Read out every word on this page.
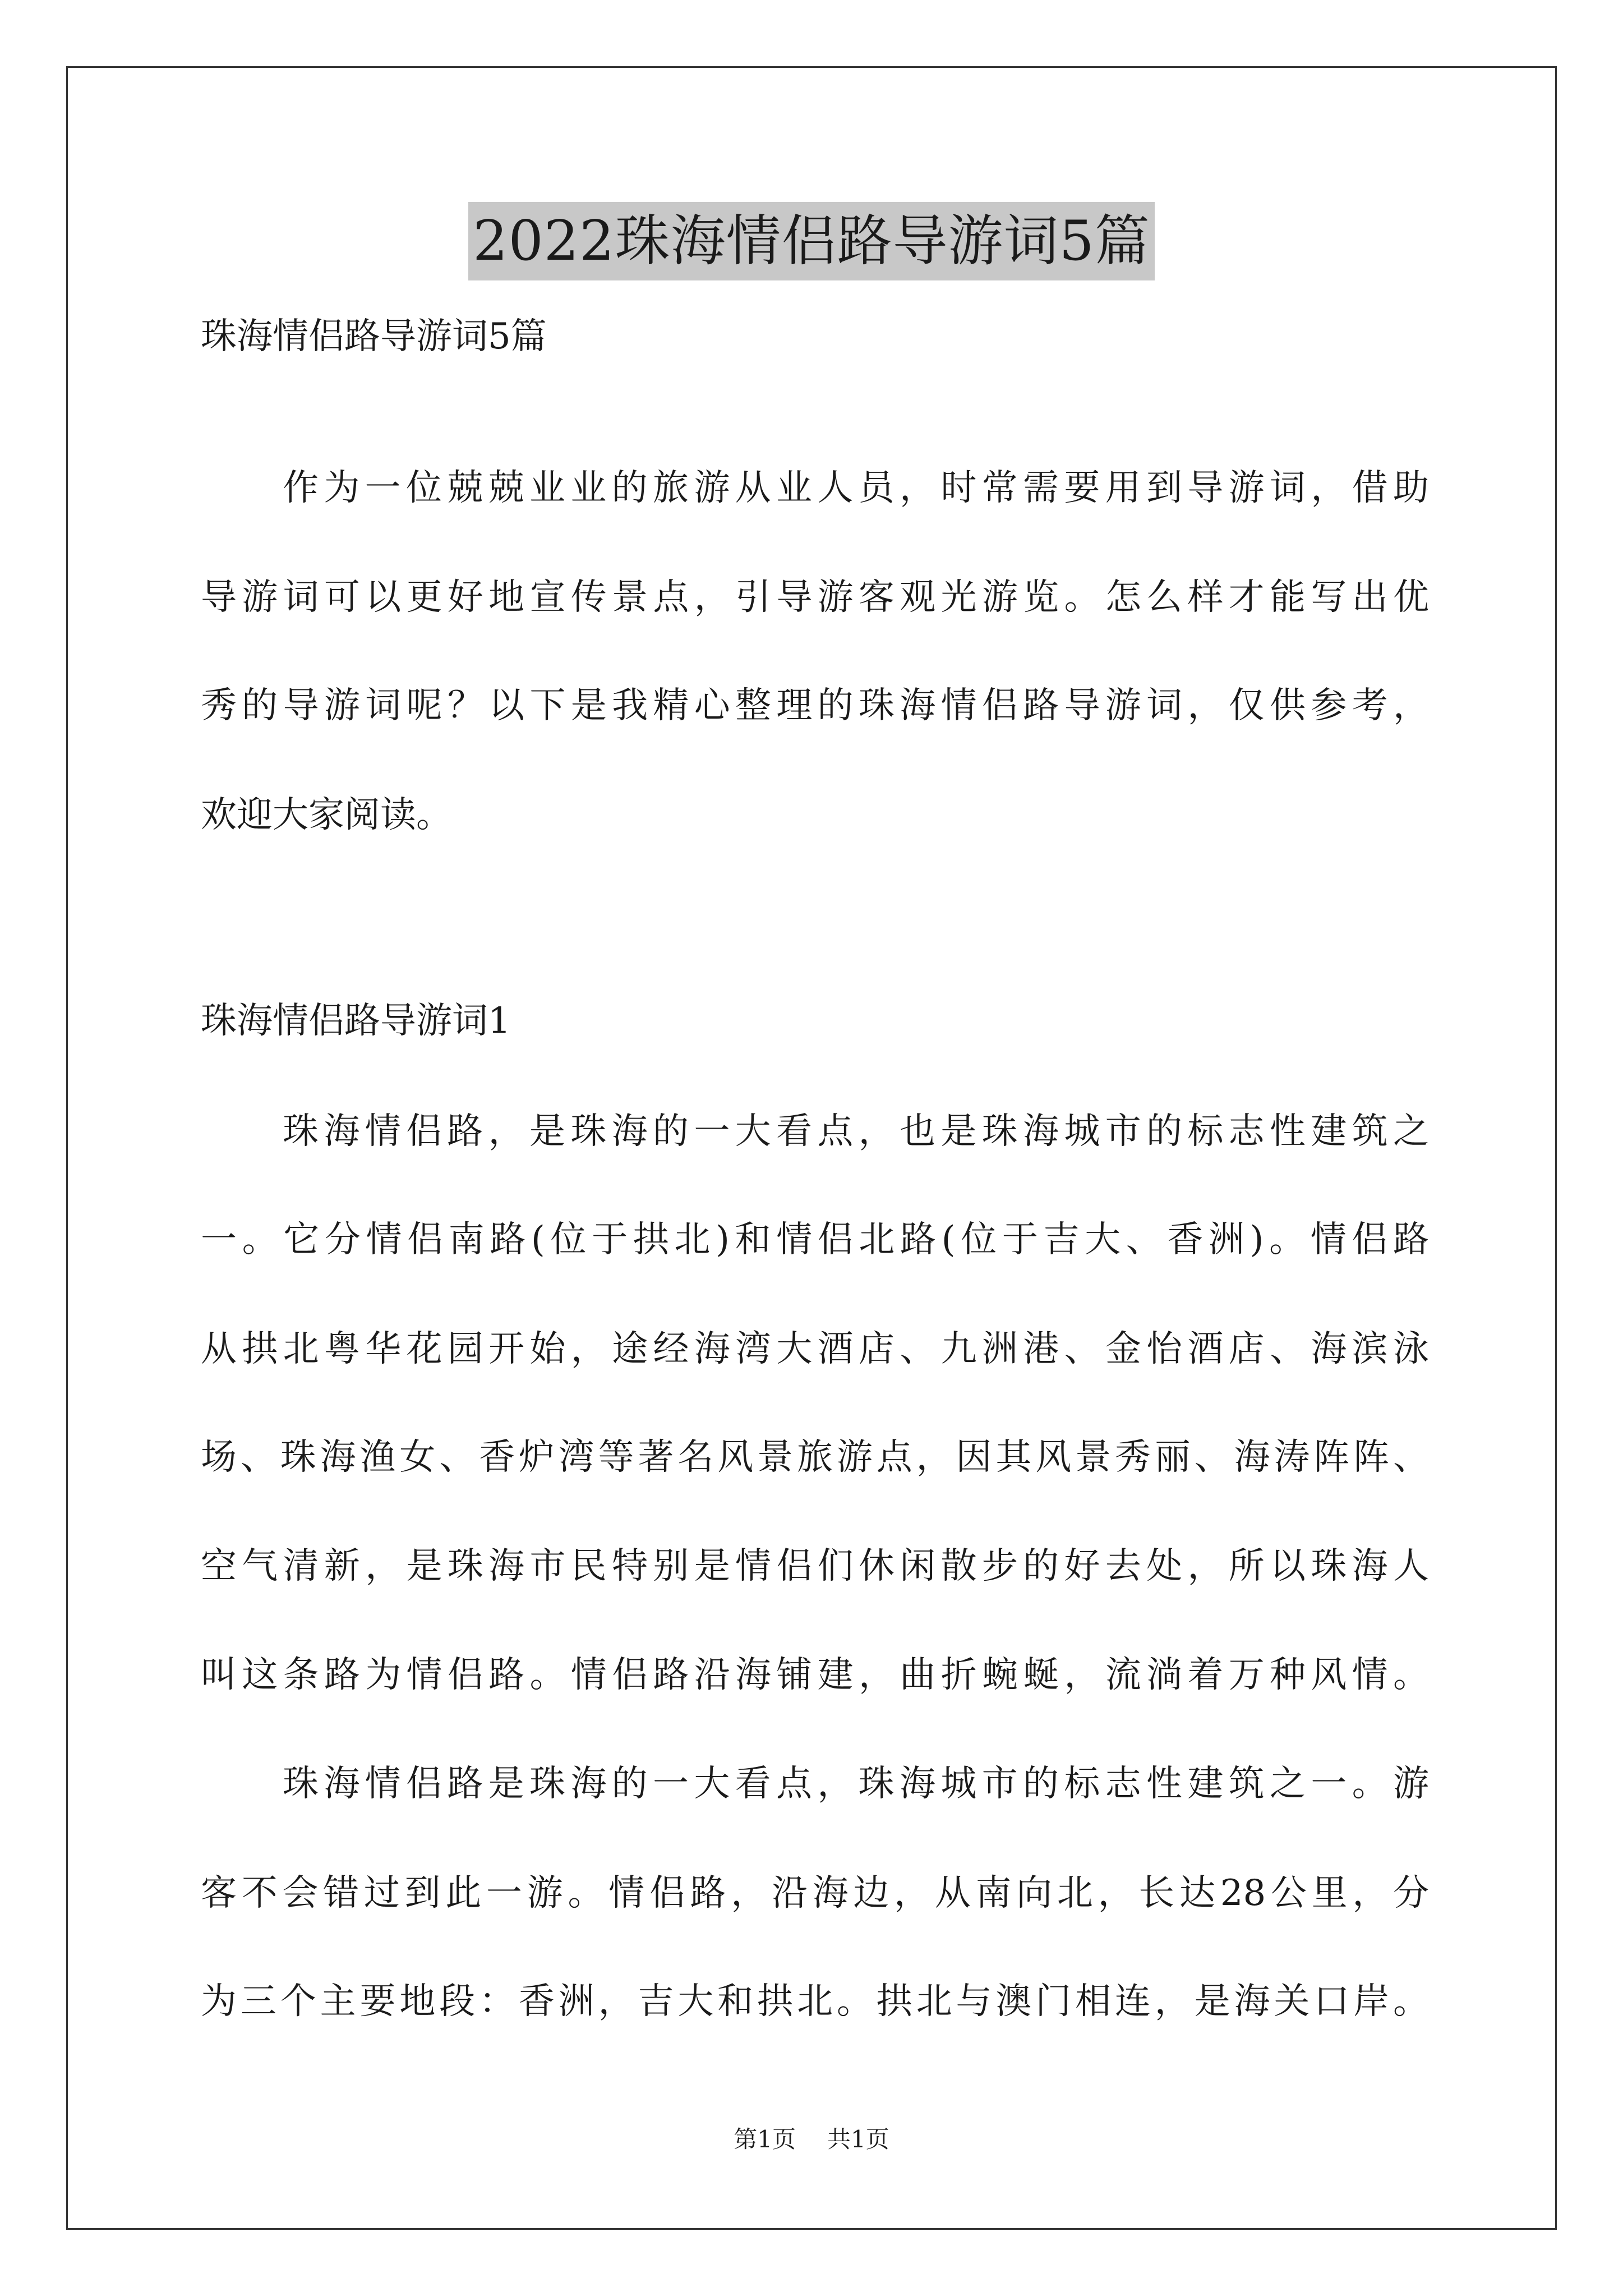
2022珠海情侣路导游词5篇
珠海情侣路导游词5篇
作为一位兢兢业业的旅游从业人员，时常需要用到导游词，借助
导游词可以更好地宣传景点，引导游客观光游览。怎么样才能写出优
秀的导游词呢？以下是我精心整理的珠海情侣路导游词，仅供参考，
欢迎大家阅读。
珠海情侣路导游词1
珠海情侣路，是珠海的一大看点，也是珠海城市的标志性建筑之
一。它分情侣南路(位于拱北)和情侣北路(位于吉大、香洲)。情侣路
从拱北粤华花园开始，途经海湾大酒店、九洲港、金怡酒店、海滨泳
场、珠海渔女、香炉湾等著名风景旅游点，因其风景秀丽、海涛阵阵、
空气清新，是珠海市民特别是情侣们休闲散步的好去处，所以珠海人
叫这条路为情侣路。情侣路沿海铺建，曲折蜿蜒，流淌着万种风情。
珠海情侣路是珠海的一大看点，珠海城市的标志性建筑之一。游
客不会错过到此一游。情侣路，沿海边，从南向北，长达28公里，分
为三个主要地段：香洲，吉大和拱北。拱北与澳门相连，是海关口岸。
第1页 共1页
